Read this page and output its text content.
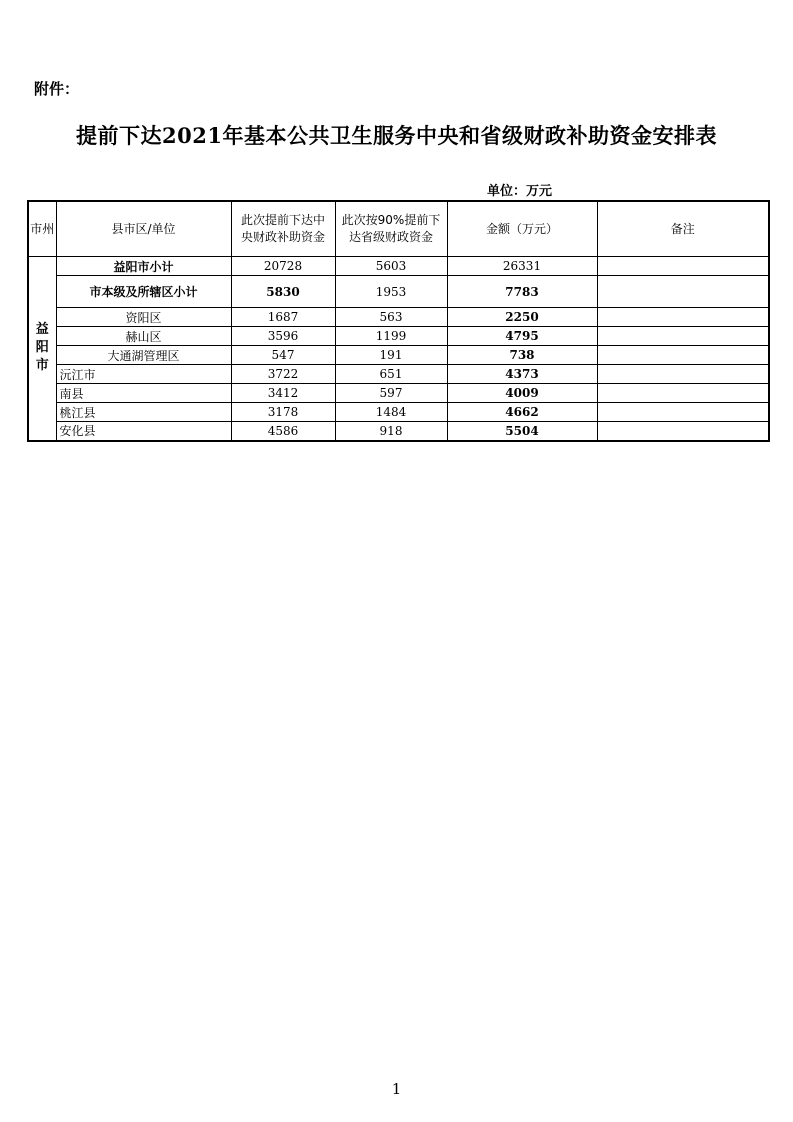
附件：
提前下达2021年基本公共卫生服务中央和省级财政补助资金安排表
单位：万元
市州	县市区/单位	此次提前下达中央财政补助资金	此次按90%提前下达省级财政资金	金额（万元）	备注
益阳市	益阳市小计	20728	5603	26331	
	市本级及所辖区小计	5830	1953	7783	
	资阳区	1687	563	2250	
	赫山区	3596	1199	4795	
	大通湖管理区	547	191	738	
	沅江市	3722	651	4373	
	南县	3412	597	4009	
	桃江县	3178	1484	4662	
	安化县	4586	918	5504	
1
